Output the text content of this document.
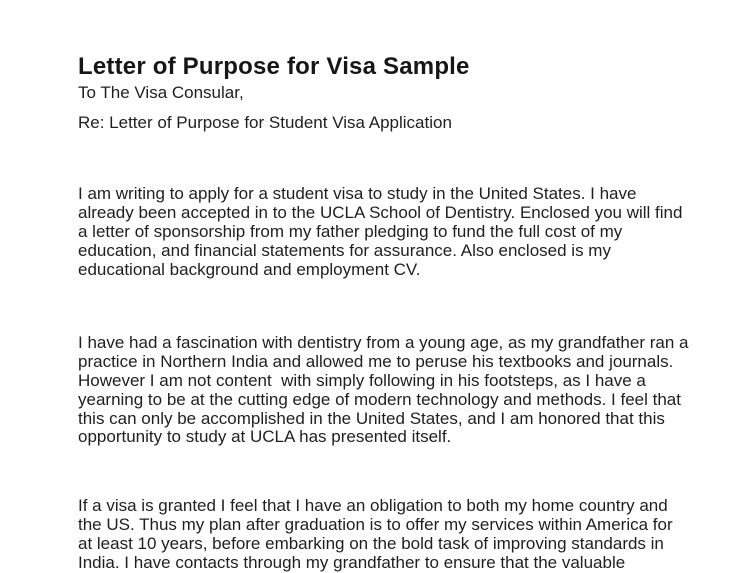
Letter of Purpose for Visa Sample
To The Visa Consular,
Re: Letter of Purpose for Student Visa Application
I am writing to apply for a student visa to study in the United States. I have
already been accepted in to the UCLA School of Dentistry. Enclosed you will find
a letter of sponsorship from my father pledging to fund the full cost of my
education, and financial statements for assurance. Also enclosed is my
educational background and employment CV.
I have had a fascination with dentistry from a young age, as my grandfather ran a
practice in Northern India and allowed me to peruse his textbooks and journals.
However I am not content  with simply following in his footsteps, as I have a
yearning to be at the cutting edge of modern technology and methods. I feel that
this can only be accomplished in the United States, and I am honored that this
opportunity to study at UCLA has presented itself.
If a visa is granted I feel that I have an obligation to both my home country and
the US. Thus my plan after graduation is to offer my services within America for
at least 10 years, before embarking on the bold task of improving standards in
India. I have contacts through my grandfather to ensure that the valuable
